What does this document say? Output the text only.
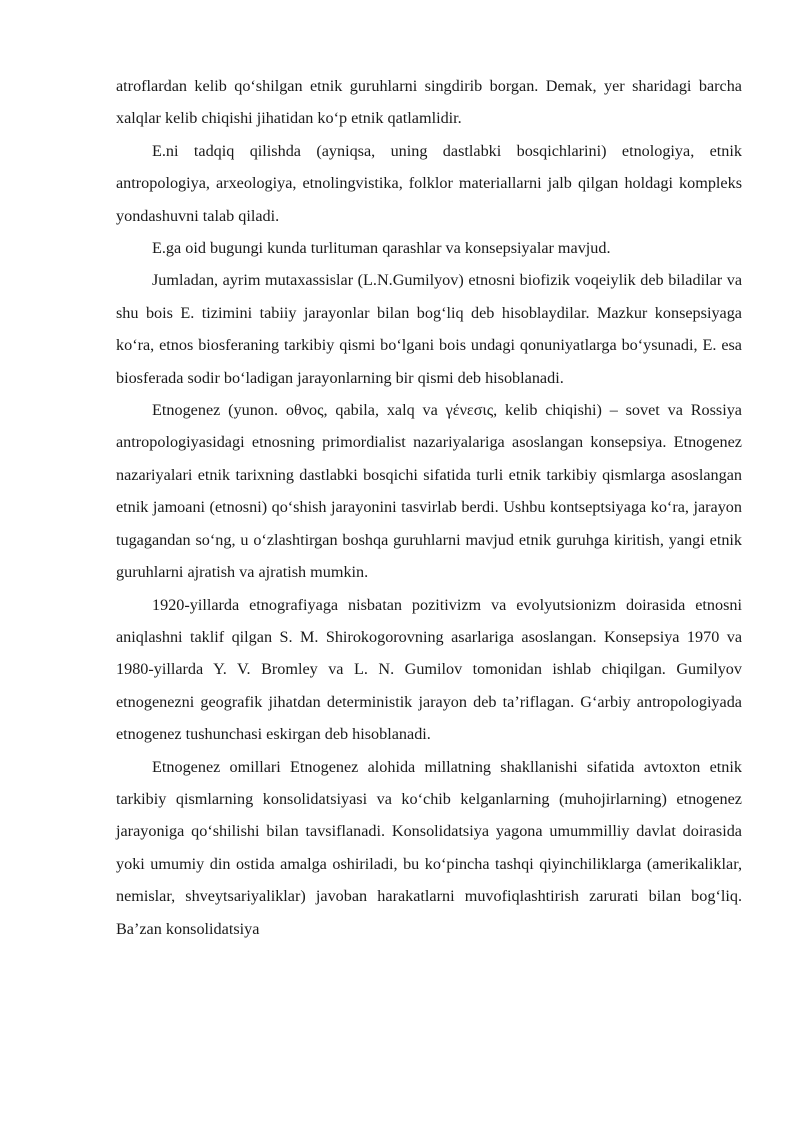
atroflardan kelib qoʻshilgan etnik guruhlarni singdirib borgan. Demak, yer sharidagi barcha xalqlar kelib chiqishi jihatidan koʻp etnik qatlamlidir.

E.ni tadqiq qilishda (ayniqsa, uning dastlabki bosqichlarini) etnologiya, etnik antropologiya, arxeologiya, etnolingvistika, folklor materiallarni jalb qilgan holdagi kompleks yondashuvni talab qiladi.

E.ga oid bugungi kunda turlituman qarashlar va konsepsiyalar mavjud.

Jumladan, ayrim mutaxassislar (L.N.Gumilyov) etnosni biofizik voqeiylik deb biladilar va shu bois E. tizimini tabiiy jarayonlar bilan bogʻliq deb hisoblaydilar. Mazkur konsepsiyaga koʻra, etnos biosferaning tarkibiy qismi boʻlgani bois undagi qonuniyatlarga boʻysunadi, E. esa biosferada sodir boʻladigan jarayonlarning bir qismi deb hisoblanadi.

Etnogenez (yunon. οθνος, qabila, xalq va γένεσις, kelib chiqishi) – sovet va Rossiya antropologiyasidagi etnosning primordialist nazariyalariga asoslangan konsepsiya. Etnogenez nazariyalari etnik tarixning dastlabki bosqichi sifatida turli etnik tarkibiy qismlarga asoslangan etnik jamoani (etnosni) qoʻshish jarayonini tasvirlab berdi. Ushbu kontseptsiyaga koʻra, jarayon tugagandan soʻng, u oʻzlashtirgan boshqa guruhlarni mavjud etnik guruhga kiritish, yangi etnik guruhlarni ajratish va ajratish mumkin.

1920-yillarda etnografiyaga nisbatan pozitivizm va evolyutsionizm doirasida etnosni aniqlashni taklif qilgan S. M. Shirokogorovning asarlariga asoslangan. Konsepsiya 1970 va 1980-yillarda Y. V. Bromley va L. N. Gumilov tomonidan ishlab chiqilgan. Gumilyov etnogenezni geografik jihatdan deterministik jarayon deb taʼriflagan. Gʻarbiy antropologiyada etnogenez tushunchasi eskirgan deb hisoblanadi.

Etnogenez omillari Etnogenez alohida millatning shakllanishi sifatida avtoxton etnik tarkibiy qismlarning konsolidatsiyasi va koʻchib kelganlarning (muhojirlarning) etnogenez jarayoniga qoʻshilishi bilan tavsiflanadi. Konsolidatsiya yagona umummilliy davlat doirasida yoki umumiy din ostida amalga oshiriladi, bu koʻpincha tashqi qiyinchiliklarga (amerikaliklar, nemislar, shveytsariyaliklar) javoban harakatlarni muvofiqlashtirish zarurati bilan bogʻliq. Baʼzan konsolidatsiya
